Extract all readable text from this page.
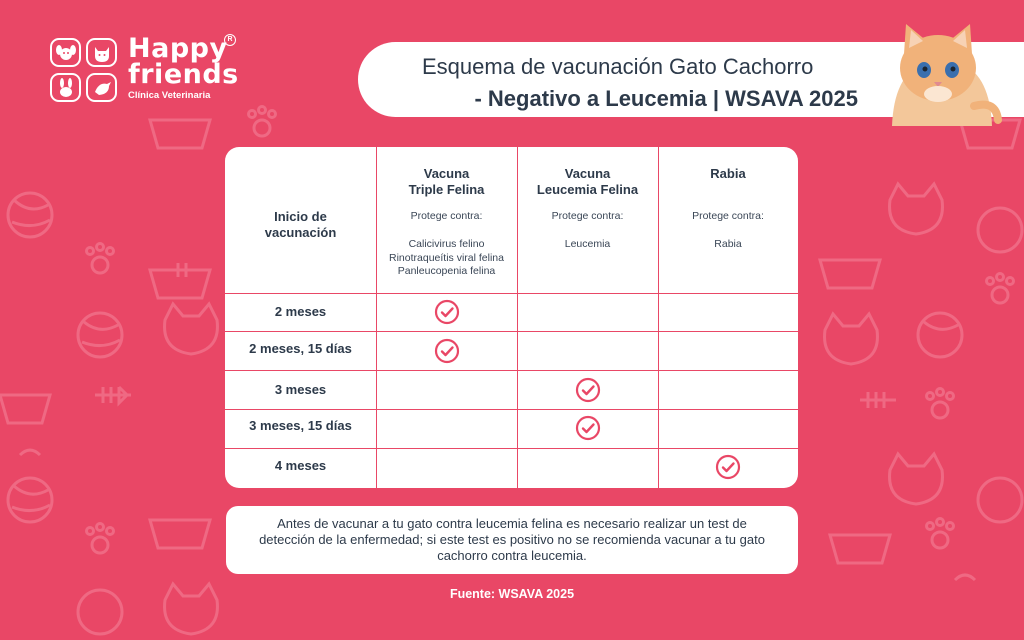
Happy
friends
Clínica Veterinaria
R
Esquema de vacunación Gato Cachorro
- Negativo a Leucemia | WSAVA 2025
Inicio de
vacunación
Vacuna
Triple Felina
Protege contra:
Calicivirus felino
Rinotraqueítis viral felina
Panleucopenia felina
Vacuna
Leucemia Felina
Protege contra:
Leucemia
Rabia
Protege contra:
Rabia
2 meses
2 meses, 15 días
3 meses
3 meses, 15 días
4 meses
Antes de vacunar a tu gato contra leucemia felina es necesario realizar un test de detección de la enfermedad; si este test es positivo no se recomienda vacunar a tu gato cachorro contra leucemia.
Fuente: WSAVA 2025
